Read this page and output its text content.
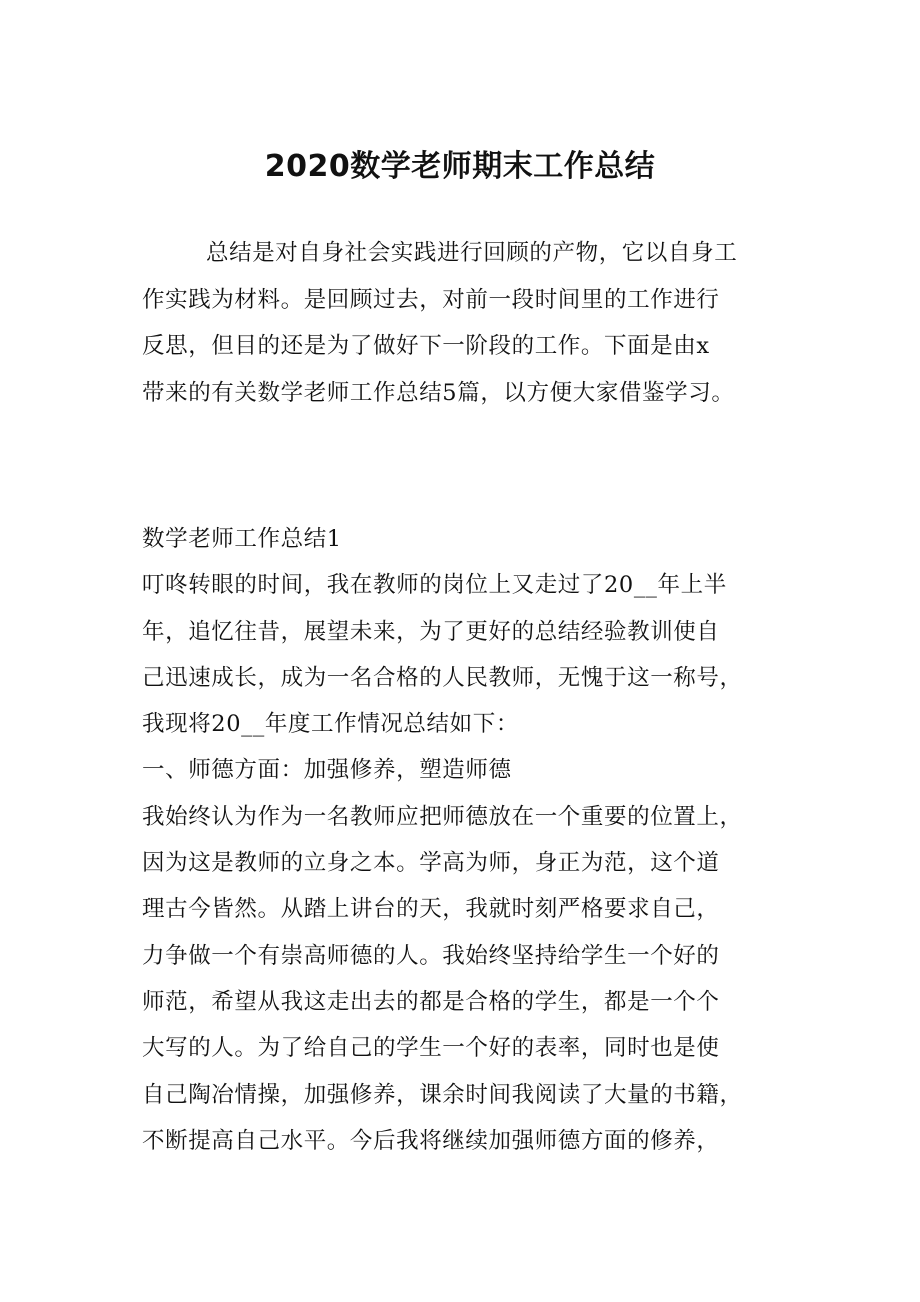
2020数学老师期末工作总结
总结是对自身社会实践进行回顾的产物，它以自身工
作实践为材料。是回顾过去，对前一段时间里的工作进行
反思，但目的还是为了做好下一阶段的工作。下面是由x
带来的有关数学老师工作总结5篇，以方便大家借鉴学习。
数学老师工作总结1
叮咚转眼的时间，我在教师的岗位上又走过了20__年上半
年，追忆往昔，展望未来，为了更好的总结经验教训使自
己迅速成长，成为一名合格的人民教师，无愧于这一称号，
我现将20__年度工作情况总结如下：
一、师德方面：加强修养，塑造师德
我始终认为作为一名教师应把师德放在一个重要的位置上，
因为这是教师的立身之本。学高为师，身正为范，这个道
理古今皆然。从踏上讲台的天，我就时刻严格要求自己，
力争做一个有崇高师德的人。我始终坚持给学生一个好的
师范，希望从我这走出去的都是合格的学生，都是一个个
大写的人。为了给自己的学生一个好的表率，同时也是使
自己陶冶情操，加强修养，课余时间我阅读了大量的书籍，
不断提高自己水平。今后我将继续加强师德方面的修养，
